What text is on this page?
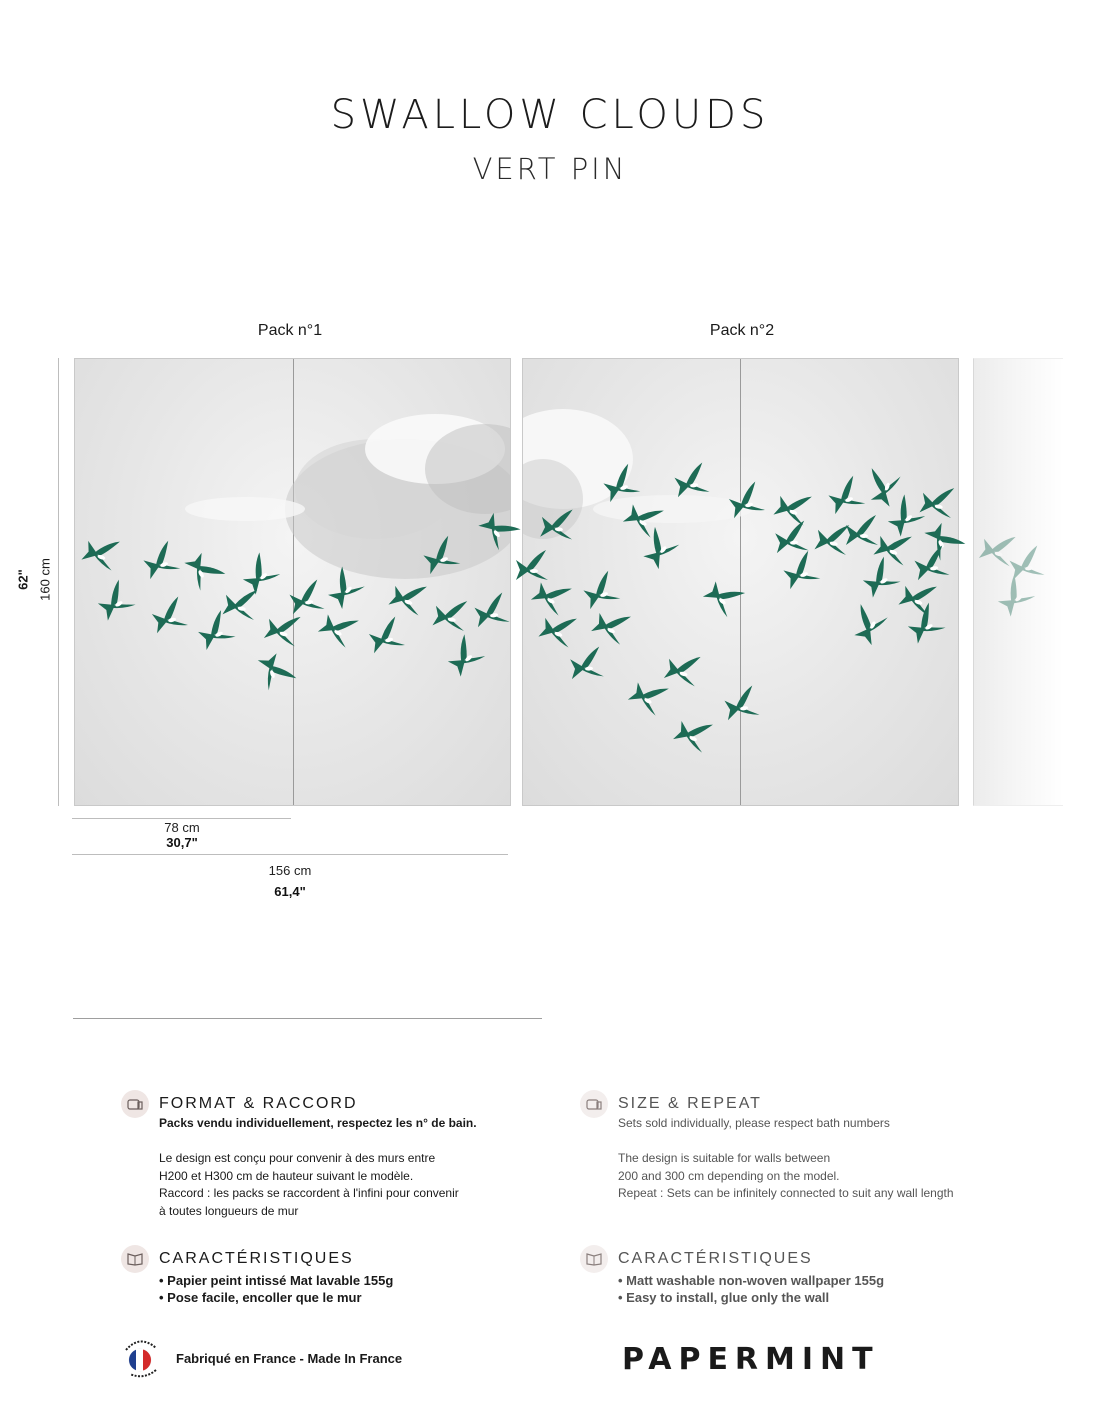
SWALLOW CLOUDS
VERT PIN
Pack n°1	Pack n°2
62" 160 cm
78 cm
30,7"
156 cm
61,4"
FORMAT & RACCORD
Packs vendu individuellement, respectez les n° de bain.
Le design est conçu pour convenir à des murs entre
H200 et H300 cm de hauteur suivant le modèle.
Raccord : les packs se raccordent à l'infini pour convenir
à toutes longueurs de mur
SIZE & REPEAT
Sets sold individually, please respect bath numbers
The design is suitable for walls between
200 and 300 cm depending on the model.
Repeat : Sets can be infinitely connected to suit any wall length
CARACTÉRISTIQUES
• Papier peint intissé Mat lavable 155g
• Pose facile, encoller que le mur
CARACTÉRISTIQUES
• Matt washable non-woven wallpaper 155g
• Easy to install, glue only the wall
Fabriqué en France - Made In France	PAPERMINT
